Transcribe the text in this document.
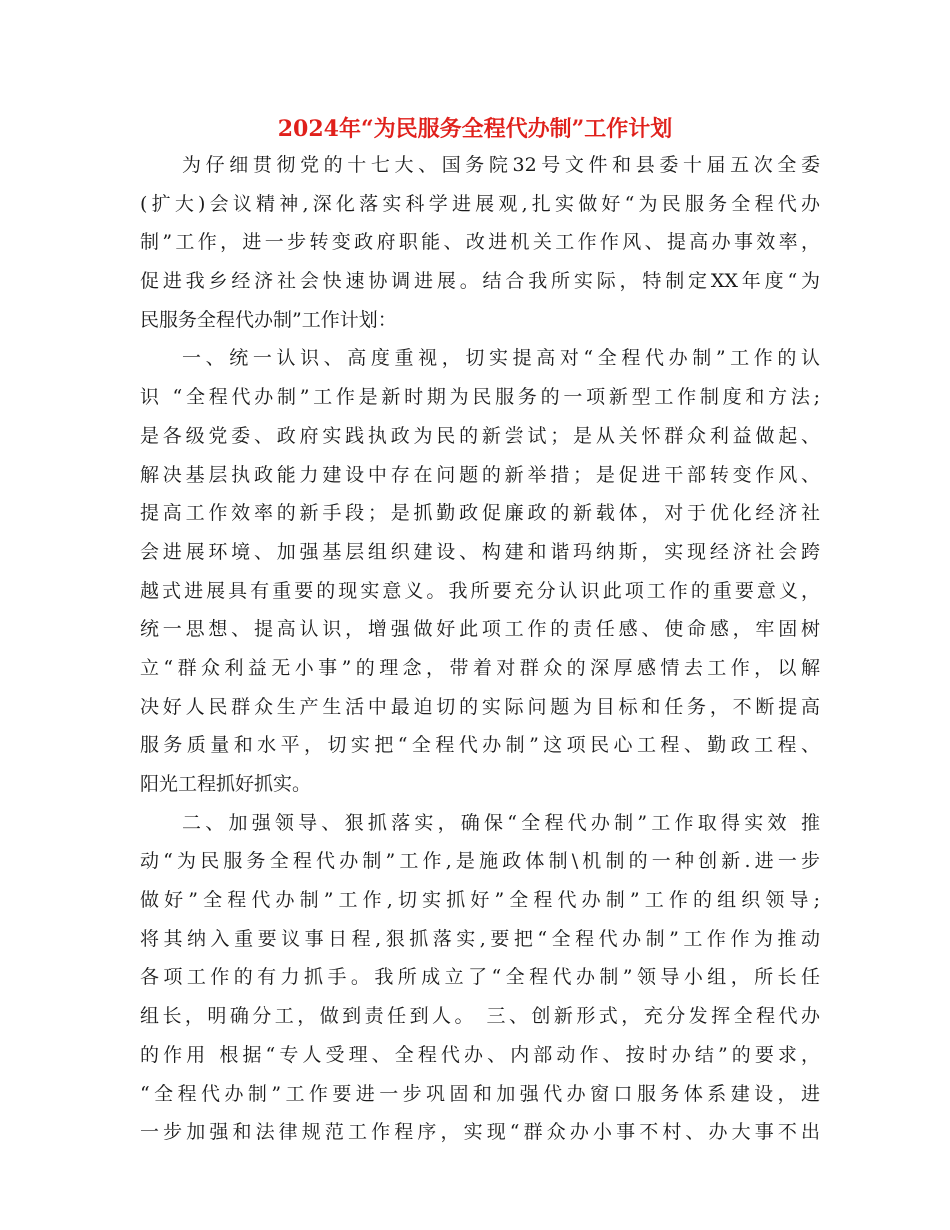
2024年“为民服务全程代办制”工作计划
为仔细贯彻党的十七大、国务院32号文件和县委十届五次全委
(扩大)会议精神,深化落实科学进展观,扎实做好“为民服务全程代办
制”工作，进一步转变政府职能、改进机关工作作风、提高办事效率，
促进我乡经济社会快速协调进展。结合我所实际，特制定XX年度“为
民服务全程代办制”工作计划：
一、统一认识、高度重视，切实提高对“全程代办制”工作的认
识 “全程代办制”工作是新时期为民服务的一项新型工作制度和方法;
是各级党委、政府实践执政为民的新尝试；是从关怀群众利益做起、
解决基层执政能力建设中存在问题的新举措；是促进干部转变作风、
提高工作效率的新手段；是抓勤政促廉政的新载体，对于优化经济社
会进展环境、加强基层组织建设、构建和谐玛纳斯，实现经济社会跨
越式进展具有重要的现实意义。我所要充分认识此项工作的重要意义，
统一思想、提高认识，增强做好此项工作的责任感、使命感，牢固树
立“群众利益无小事”的理念，带着对群众的深厚感情去工作，以解
决好人民群众生产生活中最迫切的实际问题为目标和任务，不断提高
服务质量和水平，切实把“全程代办制”这项民心工程、勤政工程、
阳光工程抓好抓实。
二、加强领导、狠抓落实，确保“全程代办制”工作取得实效 推
动“为民服务全程代办制”工作,是施政体制\机制的一种创新.进一步
做好”全程代办制”工作,切实抓好”全程代办制”工作的组织领导;
将其纳入重要议事日程,狠抓落实,要把“全程代办制”工作作为推动
各项工作的有力抓手。我所成立了“全程代办制”领导小组，所长任
组长，明确分工，做到责任到人。 三、创新形式，充分发挥全程代办
的作用 根据“专人受理、全程代办、内部动作、按时办结”的要求，
“全程代办制”工作要进一步巩固和加强代办窗口服务体系建设，进
一步加强和法律规范工作程序，实现“群众办小事不村、办大事不出
